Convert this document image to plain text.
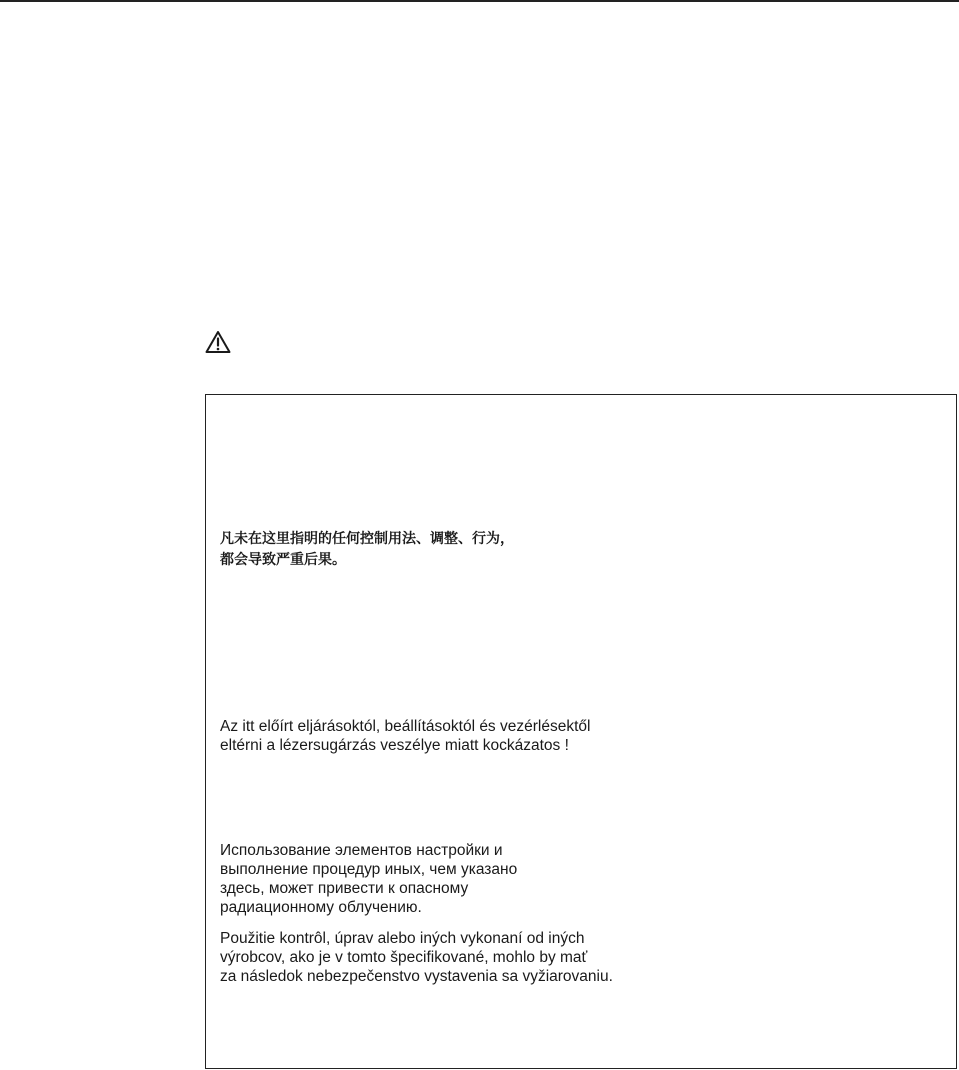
凡未在这里指明的任何控制用法、调整、行为，
都会导致严重后果。

Az itt előírt eljárásoktól, beállításoktól és vezérlésektől
eltérni a lézersugárzás veszélye miatt kockázatos !

Использование элементов настройки и
выполнение процедур иных, чем указано
здесь, может привести к опасному
радиационному облучению.

Použitie kontrôl, úprav alebo iných vykonaní od iných
výrobcov, ako je v tomto špecifikované, mohlo by mať
za následok nebezpečenstvo vystavenia sa vyžiarovaniu.
